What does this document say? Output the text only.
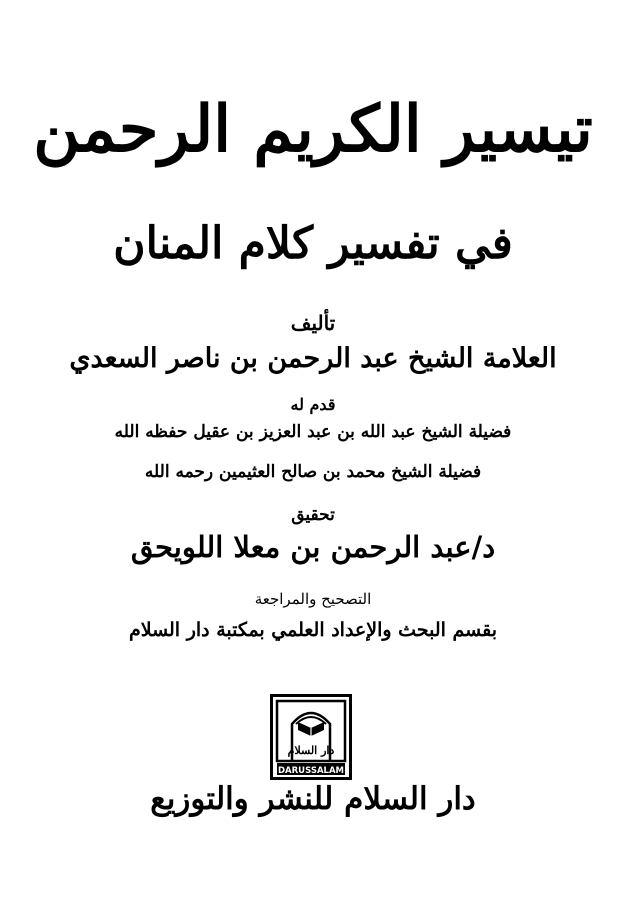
تيسير الكريم الرحمن
في تفسير كلام المنان
تأليف
العلامة الشيخ عبد الرحمن بن ناصر السعدي
قدم له
فضيلة الشيخ عبد الله بن عبد العزيز بن عقيل حفظه الله
فضيلة الشيخ محمد بن صالح العثيمين رحمه الله
تحقيق
د/عبد الرحمن بن معلا اللويحق
التصحيح والمراجعة
بقسم البحث والإعداد العلمي بمكتبة دار السلام
دار السلام
DARUSSALAM
دار السلام للنشر والتوزيع
